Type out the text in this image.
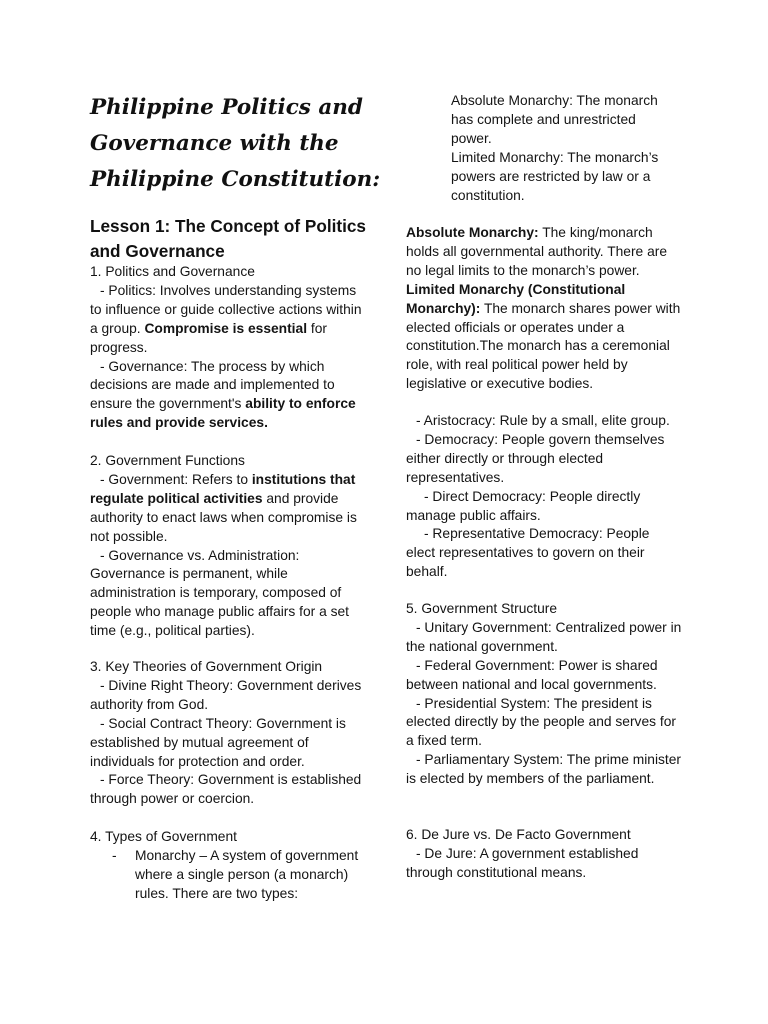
Philippine Politics and Governance with the Philippine Constitution:
Lesson 1: The Concept of Politics and Governance

1. Politics and Governance

- Politics: Involves understanding systems to influence or guide collective actions within a group. Compromise is essential for progress.

- Governance: The process by which decisions are made and implemented to ensure the government's ability to enforce rules and provide services.

2. Government Functions

- Government: Refers to institutions that regulate political activities and provide authority to enact laws when compromise is not possible.

- Governance vs. Administration: Governance is permanent, while administration is temporary, composed of people who manage public affairs for a set time (e.g., political parties).

3. Key Theories of Government Origin

- Divine Right Theory: Government derives authority from God.

- Social Contract Theory: Government is established by mutual agreement of individuals for protection and order.

- Force Theory: Government is established through power or coercion.

4. Types of Government

-	Monarchy – A system of government where a single person (a monarch) rules. There are two types:

Absolute Monarchy: The monarch has complete and unrestricted power.

Limited Monarchy: The monarch’s powers are restricted by law or a constitution.

Absolute Monarchy: The king/monarch holds all governmental authority. There are no legal limits to the monarch’s power.

Limited Monarchy (Constitutional Monarchy): The monarch shares power with elected officials or operates under a constitution.The monarch has a ceremonial role, with real political power held by legislative or executive bodies.

- Aristocracy: Rule by a small, elite group.

- Democracy: People govern themselves either directly or through elected representatives.

- Direct Democracy: People directly manage public affairs.

- Representative Democracy: People elect representatives to govern on their behalf.

5. Government Structure

- Unitary Government: Centralized power in the national government.

- Federal Government: Power is shared between national and local governments.

- Presidential System: The president is elected directly by the people and serves for a fixed term.

- Parliamentary System: The prime minister is elected by members of the parliament.

6. De Jure vs. De Facto Government

- De Jure: A government established through constitutional means.
